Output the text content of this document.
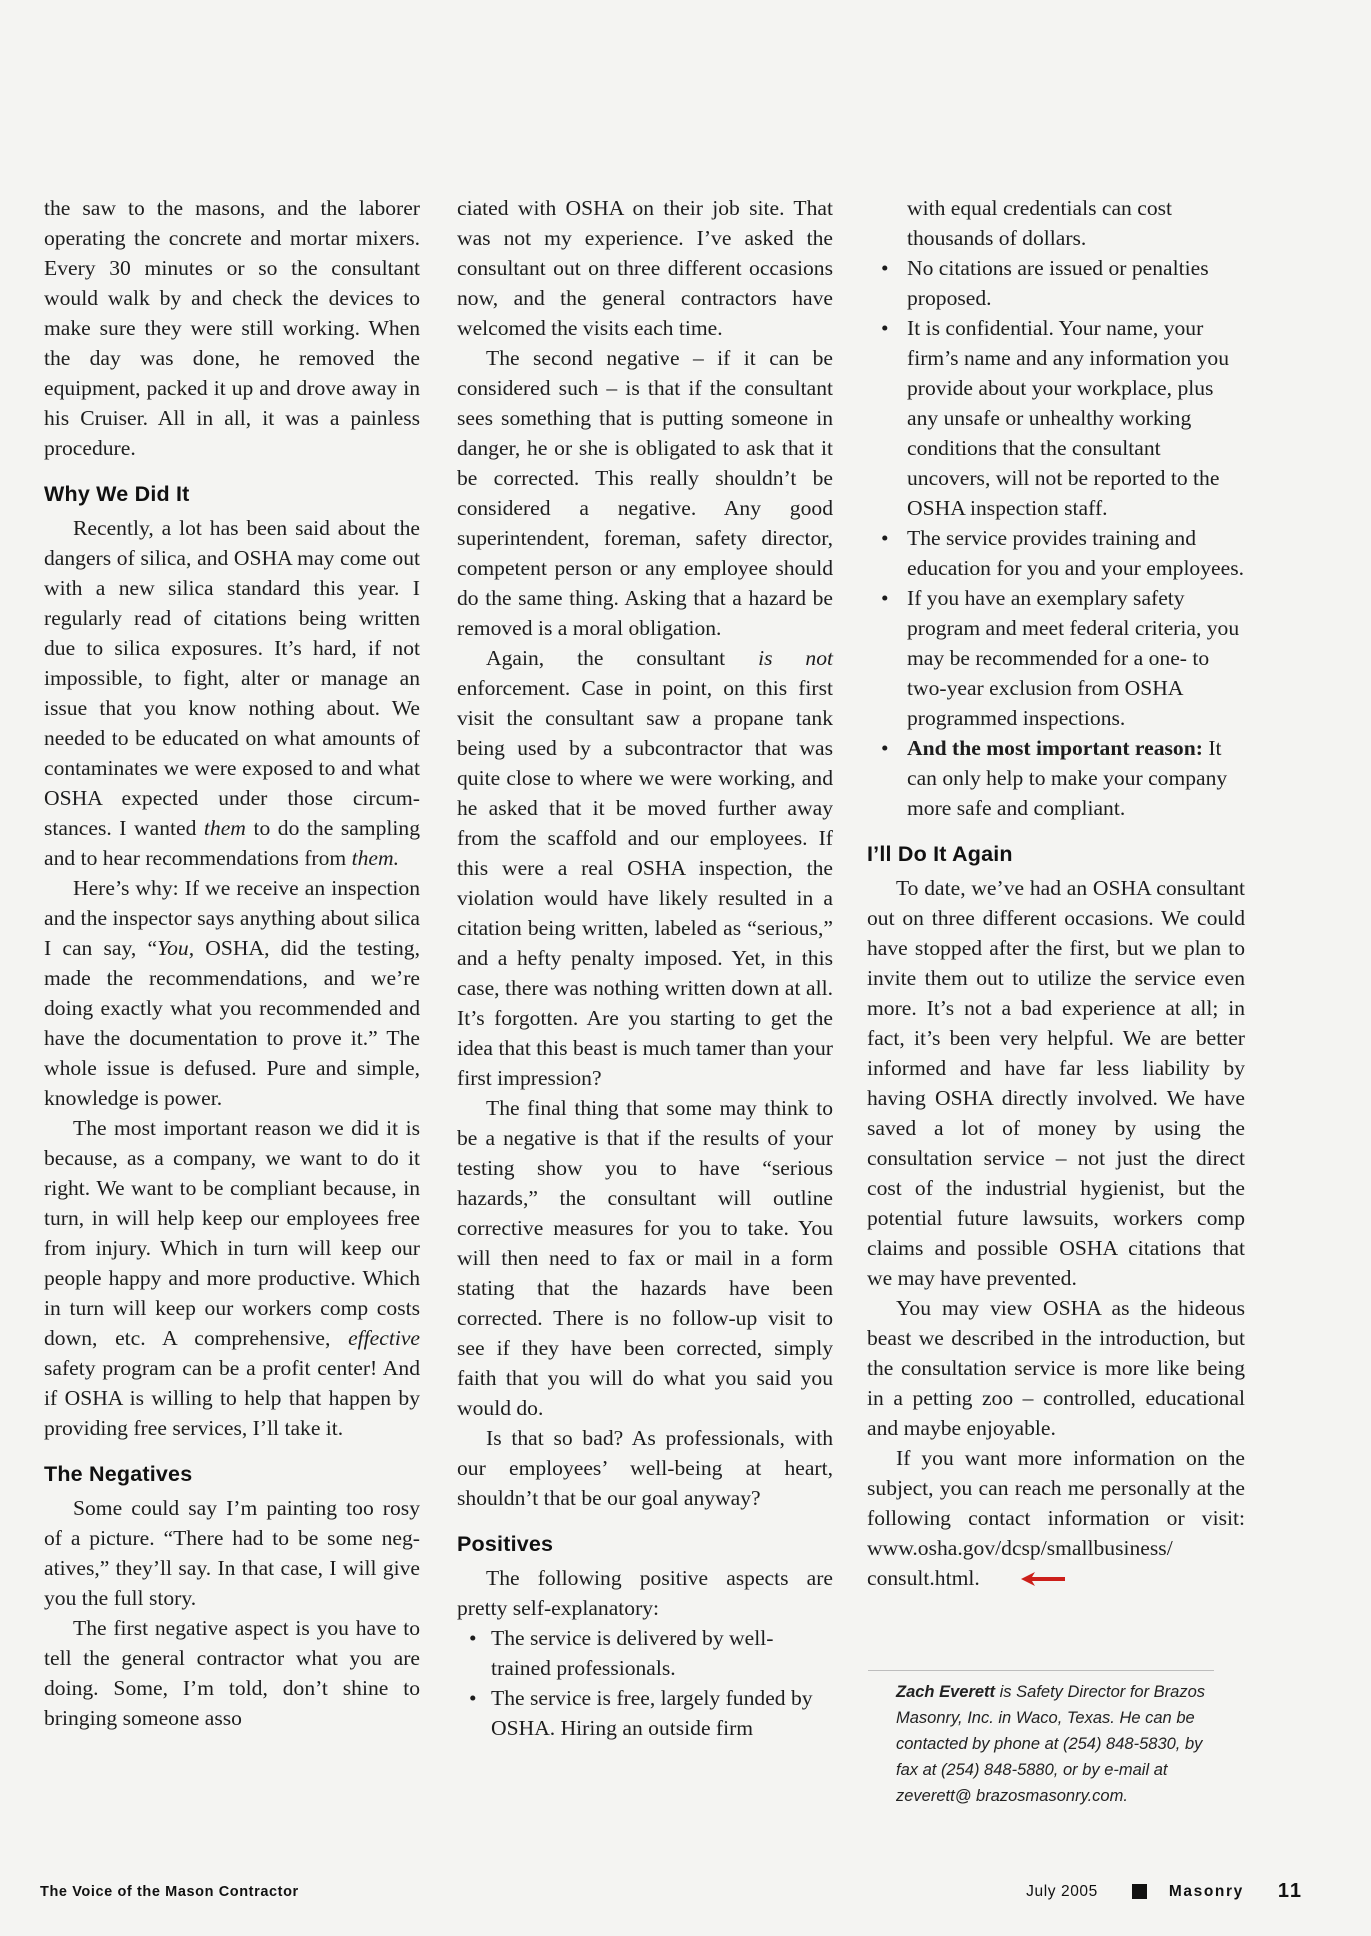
the saw to the masons, and the laborer operating the concrete and mortar mixers. Every 30 minutes or so the consultant would walk by and check the devices to make sure they were still working. When the day was done, he removed the equipment, packed it up and drove away in his Cruiser. All in all, it was a painless procedure.

Why We Did It

Recently, a lot has been said about the dangers of silica, and OSHA may come out with a new silica standard this year. I regularly read of citations being written due to silica exposures. It’s hard, if not impossible, to fight, alter or manage an issue that you know nothing about. We needed to be educated on what amounts of contaminates we were exposed to and what OSHA expected under those circumstances. I wanted them to do the sampling and to hear recommendations from them.

Here’s why: If we receive an inspection and the inspector says anything about silica I can say, “You, OSHA, did the testing, made the recommendations, and we’re doing exactly what you recommended and have the documentation to prove it.” The whole issue is defused. Pure and simple, knowledge is power.

The most important reason we did it is because, as a company, we want to do it right. We want to be compliant because, in turn, in will help keep our employees free from injury. Which in turn will keep our people happy and more productive. Which in turn will keep our workers comp costs down, etc. A comprehensive, effective safety program can be a profit center! And if OSHA is willing to help that happen by providing free services, I’ll take it.

The Negatives

Some could say I’m painting too rosy of a picture. “There had to be some negatives,” they’ll say. In that case, I will give you the full story.

The first negative aspect is you have to tell the general contractor what you are doing. Some, I’m told, don’t shine to bringing someone asso

ciated with OSHA on their job site. That was not my experience. I’ve asked the consultant out on three different occasions now, and the general contractors have welcomed the visits each time.

The second negative – if it can be considered such – is that if the consultant sees something that is putting someone in danger, he or she is obligated to ask that it be corrected. This really shouldn’t be considered a negative. Any good superintendent, foreman, safety director, competent person or any employee should do the same thing. Asking that a hazard be removed is a moral obligation.

Again, the consultant is not enforcement. Case in point, on this first visit the consultant saw a propane tank being used by a subcontractor that was quite close to where we were working, and he asked that it be moved further away from the scaffold and our employees. If this were a real OSHA inspection, the violation would have likely resulted in a citation being written, labeled as “serious,” and a hefty penalty imposed. Yet, in this case, there was nothing written down at all. It’s forgotten. Are you starting to get the idea that this beast is much tamer than your first impression?

The final thing that some may think to be a negative is that if the results of your testing show you to have “serious hazards,” the consultant will outline corrective measures for you to take. You will then need to fax or mail in a form stating that the hazards have been corrected. There is no follow-up visit to see if they have been corrected, simply faith that you will do what you said you would do.

Is that so bad? As professionals, with our employees’ well-being at heart, shouldn’t that be our goal anyway?

Positives

The following positive aspects are pretty self-explanatory:

• The service is delivered by well-trained professionals.
• The service is free, largely funded by OSHA. Hiring an outside firm
with equal credentials can cost thousands of dollars.
• No citations are issued or penalties proposed.
• It is confidential. Your name, your firm’s name and any information you provide about your workplace, plus any unsafe or unhealthy working conditions that the consultant uncovers, will not be reported to the OSHA inspection staff.
• The service provides training and education for you and your employees.
• If you have an exemplary safety program and meet federal criteria, you may be recommended for a one- to two-year exclusion from OSHA programmed inspections.
• And the most important reason: It can only help to make your company more safe and compliant.
I’ll Do It Again

To date, we’ve had an OSHA consultant out on three different occasions. We could have stopped after the first, but we plan to invite them out to utilize the service even more. It’s not a bad experience at all; in fact, it’s been very helpful. We are better informed and have far less liability by having OSHA directly involved. We have saved a lot of money by using the consultation service – not just the direct cost of the industrial hygienist, but the potential future lawsuits, workers comp claims and possible OSHA citations that we may have prevented.

You may view OSHA as the hideous beast we described in the introduction, but the consultation service is more like being in a petting zoo – controlled, educational and maybe enjoyable.

If you want more information on the subject, you can reach me personally at the following contact information or visit: www.osha.gov/dcsp/smallbusiness/ consult.html.

Zach Everett is Safety Director for Brazos Masonry, Inc. in Waco, Texas. He can be contacted by phone at (254) 848-5830, by fax at (254) 848-5880, or by e-mail at zeverett@ brazosmasonry.com.
The Voice of the Mason Contractor	July 2005	Masonry 11
